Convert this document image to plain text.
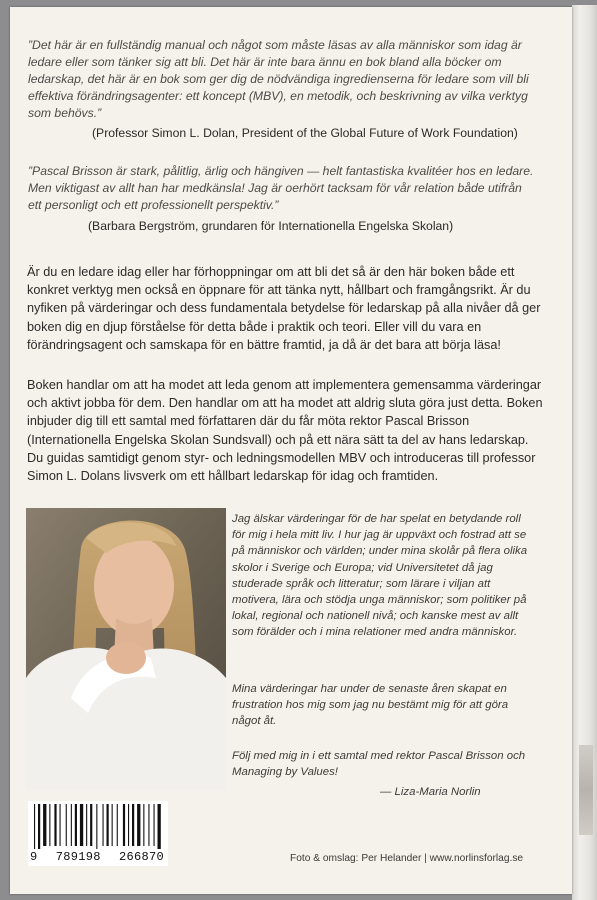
”Det här är en fullständig manual och något som måste läsas av alla människor som idag är ledare eller som tänker sig att bli. Det här är inte bara ännu en bok bland alla böcker om ledarskap, det här är en bok som ger dig de nödvändiga ingredienserna för ledare som vill bli effektiva förändringsagenter: ett koncept (MBV), en metodik, och beskrivning av vilka verktyg som behövs.”
(Professor Simon L. Dolan, President of the Global Future of Work Foundation)
”Pascal Brisson är stark, pålitlig, ärlig och hängiven — helt fantastiska kvalitéer hos en ledare. Men viktigast av allt han har medkänsla! Jag är oerhört tacksam för vår relation både utifrån ett personligt och ett professionellt perspektiv.”
(Barbara Bergström, grundaren för Internationella Engelska Skolan)
Är du en ledare idag eller har förhoppningar om att bli det så är den här boken både ett konkret verktyg men också en öppnare för att tänka nytt, hållbart och framgångsrikt. Är du nyfiken på värderingar och dess fundamentala betydelse för ledarskap på alla nivåer då ger boken dig en djup förståelse för detta både i praktik och teori. Eller vill du vara en förändringsagent och samskapa för en bättre framtid, ja då är det bara att börja läsa!
Boken handlar om att ha modet att leda genom att implementera gemensamma värderingar och aktivt jobba för dem. Den handlar om att ha modet att aldrig sluta göra just detta. Boken inbjuder dig till ett samtal med författaren där du får möta rektor Pascal Brisson (Internationella Engelska Skolan Sundsvall) och på ett nära sätt ta del av hans ledarskap. Du guidas samtidigt genom styr- och ledningsmodellen MBV och introduceras till professor Simon L. Dolans livsverk om ett hållbart ledarskap för idag och framtiden.
Jag älskar värderingar för de har spelat en betydande roll för mig i hela mitt liv. I hur jag är uppväxt och fostrad att se på människor och världen; under mina skolår på flera olika skolor i Sverige och Europa; vid Universitetet då jag studerade språk och litteratur; som lärare i viljan att motivera, lära och stödja unga människor; som politiker på lokal, regional och nationell nivå; och kanske mest av allt som förälder och i mina relationer med andra människor.
Mina värderingar har under de senaste åren skapat en frustration hos mig som jag nu bestämt mig för att göra något åt.
Följ med mig in i ett samtal med rektor Pascal Brisson och Managing by Values!
— Liza-Maria Norlin
9 789198 266870	Foto & omslag: Per Helander | www.norlinsforlag.se
